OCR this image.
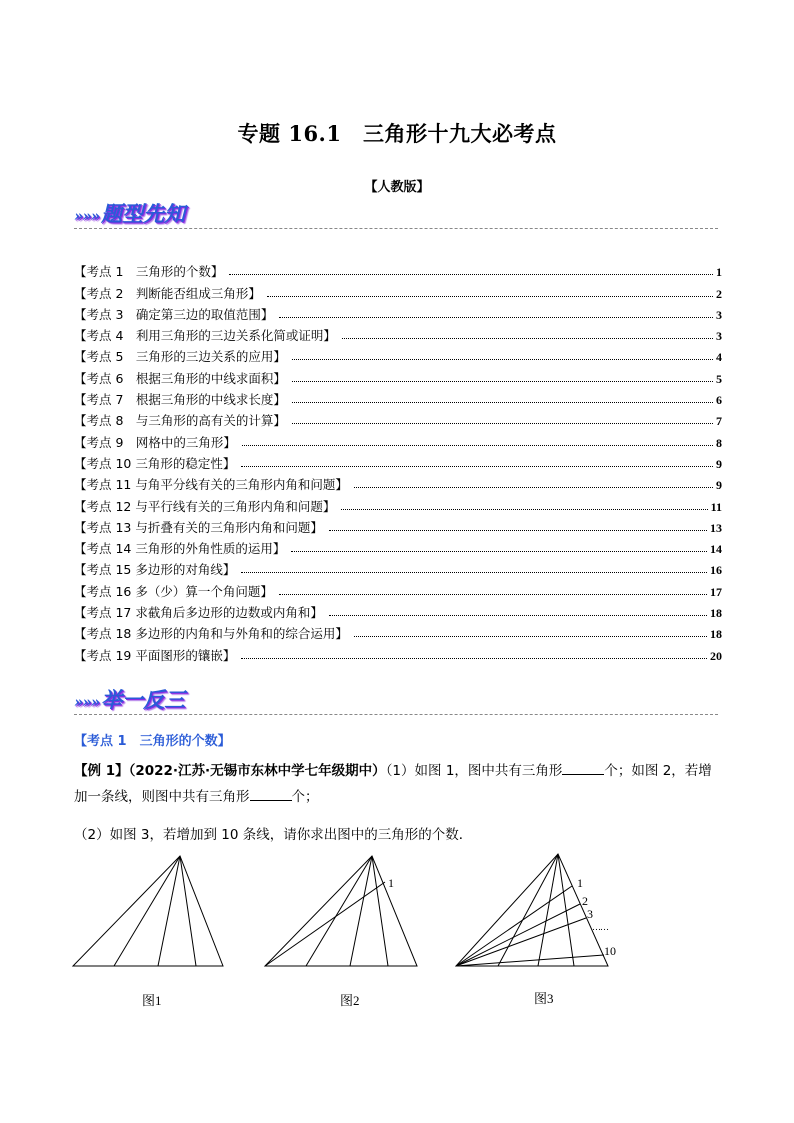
专题 16.1　三角形十九大必考点
【人教版】
»»»题型先知
【考点 1　三角形的个数】	1
【考点 2　判断能否组成三角形】	2
【考点 3　确定第三边的取值范围】	3
【考点 4　利用三角形的三边关系化简或证明】	3
【考点 5　三角形的三边关系的应用】	4
【考点 6　根据三角形的中线求面积】	5
【考点 7　根据三角形的中线求长度】	6
【考点 8　与三角形的高有关的计算】	7
【考点 9　网格中的三角形】	8
【考点 10 三角形的稳定性】	9
【考点 11 与角平分线有关的三角形内角和问题】	9
【考点 12 与平行线有关的三角形内角和问题】	11
【考点 13 与折叠有关的三角形内角和问题】	13
【考点 14 三角形的外角性质的运用】	14
【考点 15 多边形的对角线】	16
【考点 16 多（少）算一个角问题】	17
【考点 17 求截角后多边形的边数或内角和】	18
【考点 18 多边形的内角和与外角和的综合运用】	18
【考点 19 平面图形的镶嵌】	20
»»»举一反三
【考点 1　三角形的个数】
【例 1】（2022·江苏·无锡市东林中学七年级期中）（1）如图 1，图中共有三角形	个；如图 2，若增
加一条线，则图中共有三角形	个；
（2）如图 3，若增加到 10 条线，请你求出图中的三角形的个数．
图1
1
图2
1
2
3
……
10
图3
